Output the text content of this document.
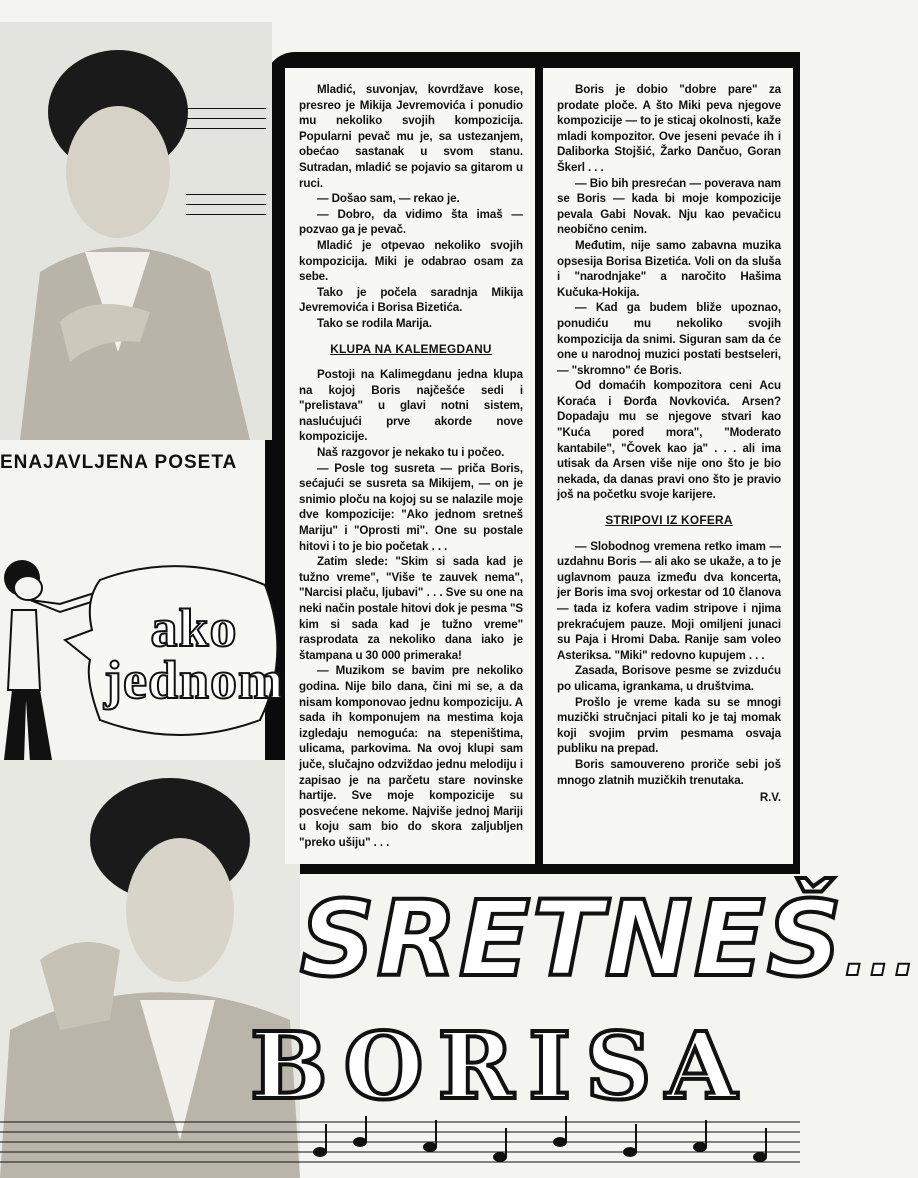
ENAJAVLJENA POSETA
ako
jednom

Mladić, suvonjav, kovrdžave kose, presreo je Mikija Jevremovića i ponudio mu nekoliko svojih kompozicija. Popularni pevač mu je, sa ustezanjem, obećao sastanak u svom stanu. Sutradan, mladić se pojavio sa gitarom u ruci.

— Došao sam, — rekao je.

— Dobro, da vidimo šta imaš — pozvao ga je pevač.

Mladić je otpevao nekoliko svojih kompozicija. Miki je odabrao osam za sebe.

Tako je počela saradnja Mikija Jevremovića i Borisa Bizetića.

Tako se rodila Marija.

KLUPA NA KALEMEGDANU

Postoji na Kalimegdanu jedna klupa na kojoj Boris najčešće sedi i "prelistava" u glavi notni sistem, naslućujući prve akorde nove kompozicije.

Naš razgovor je nekako tu i počeo.

— Posle tog susreta — priča Boris, sećajući se susreta sa Mikijem, — on je snimio ploču na kojoj su se nalazile moje dve kompozicije: "Ako jednom sretneš Mariju" i "Oprosti mi". One su postale hitovi i to je bio početak . . .

Zatim slede: "Skim si sada kad je tužno vreme", "Više te zauvek nema", "Narcisi plaču, ljubavi" . . . Sve su one na neki način postale hitovi dok je pesma "S kim si sada kad je tužno vreme" rasprodata za nekoliko dana iako je štampana u 30 000 primeraka!

— Muzikom se bavim pre nekoliko godina. Nije bilo dana, čini mi se, a da nisam komponovao jednu kompoziciju. A sada ih komponujem na mestima koja izgledaju nemoguća: na stepeništima, ulicama, parkovima. Na ovoj klupi sam juče, slučajno odzviždao jednu melodiju i zapisao je na parčetu stare novinske hartije. Sve moje kompozicije su posvećene nekome. Najviše jednoj Mariji u koju sam bio do skora zaljubljen "preko ušiju" . . .

Boris je dobio "dobre pare" za prodate ploče. A što Miki peva njegove kompozicije — to je sticaj okolnosti, kaže mladi kompozitor. Ove jeseni pevaće ih i Daliborka Stojšić, Žarko Dančuo, Goran Škerl . . .

— Bio bih presrećan — poverava nam se Boris — kada bi moje kompozicije pevala Gabi Novak. Nju kao pevačicu neobično cenim.

Međutim, nije samo zabavna muzika opsesija Borisa Bizetića. Voli on da sluša i "narodnjake" a naročito Hašima Kučuka-Hokija.

— Kad ga budem bliže upoznao, ponudiću mu nekoliko svojih kompozicija da snimi. Siguran sam da će one u narodnoj muzici postati bestseleri, — "skromno" će Boris.

Od domaćih kompozitora ceni Acu Koraća i Đorđa Novkovića. Arsen? Dopadaju mu se njegove stvari kao "Kuća pored mora", "Moderato kantabile", "Čovek kao ja" . . . ali ima utisak da Arsen više nije ono što je bio nekada, da danas pravi ono što je pravio još na početku svoje karijere.

STRIPOVI IZ KOFERA

— Slobodnog vremena retko imam — uzdahnu Boris — ali ako se ukaže, a to je uglavnom pauza između dva koncerta, jer Boris ima svoj orkestar od 10 članova — tada iz kofera vadim stripove i njima prekraćujem pauze. Moji omiljeni junaci su Paja i Hromi Daba. Ranije sam voleo Asteriksa. "Miki" redovno kupujem . . .

Zasada, Borisove pesme se zvizduću po ulicama, igrankama, u društvima.

Prošlo je vreme kada su se mnogi muzički stručnjaci pitali ko je taj momak koji svojim prvim pesmama osvaja publiku na prepad.

Boris samouvereno proriče sebi još mnogo zlatnih muzičkih trenutaka.

R.V.
SRETNEŠ...
BORISA
